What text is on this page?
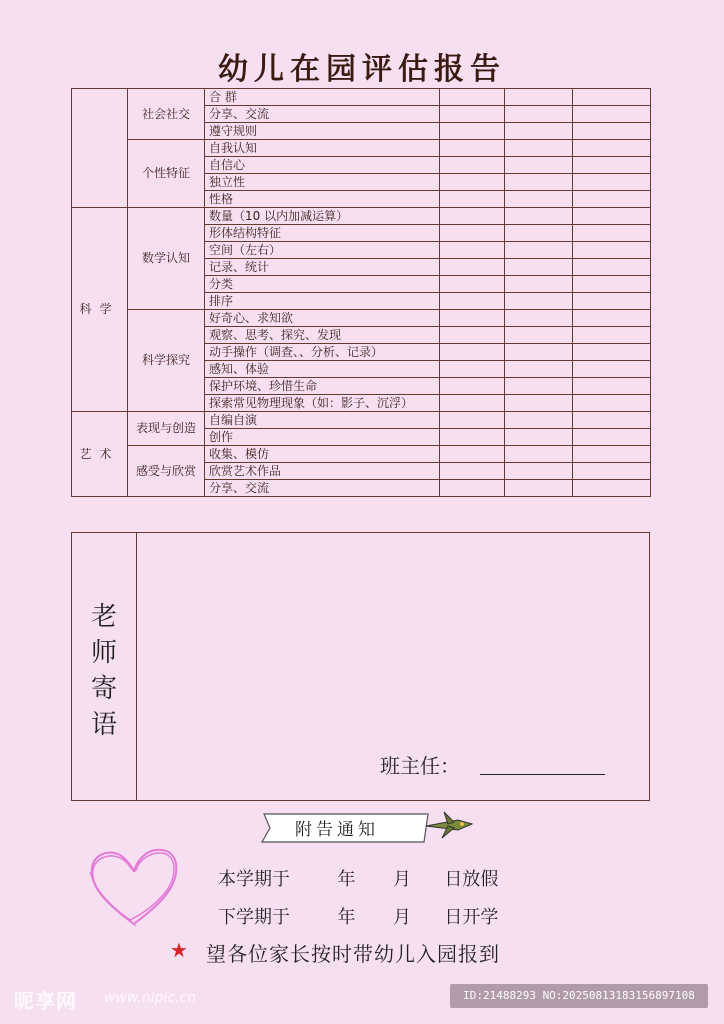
幼儿在园评估报告
	社会社交	合 群			
		分享、交流			
		遵守规则			
	个性特征	自我认知			
		自信心			
		独立性			
		性格			
科学	数学认知	数量（10 以内加减运算）			
		形体结构特征			
		空间（左右）			
		记录、统计			
		分类			
		排序			
	科学探究	好奇心、求知欲			
		观察、思考、探究、发现			
		动手操作（调查、、分析、记录）			
		感知、体验			
		保护环境、珍惜生命			
		探索常见物理现象（如：影子、沉浮）			
艺术	表现与创造	自编自演			
		创作			
	感受与欣赏	收集、模仿			
		欣赏艺术作品			
		分享、交流			
老
师
寄
语
班主任：
附告通知
本学期于	年 月 日放假
下学期于	年 月 日开学
★ 望各位家长按时带幼儿入园报到
昵享网 www.nipic.cn	ID:21488293 NO:20250813183156897108
